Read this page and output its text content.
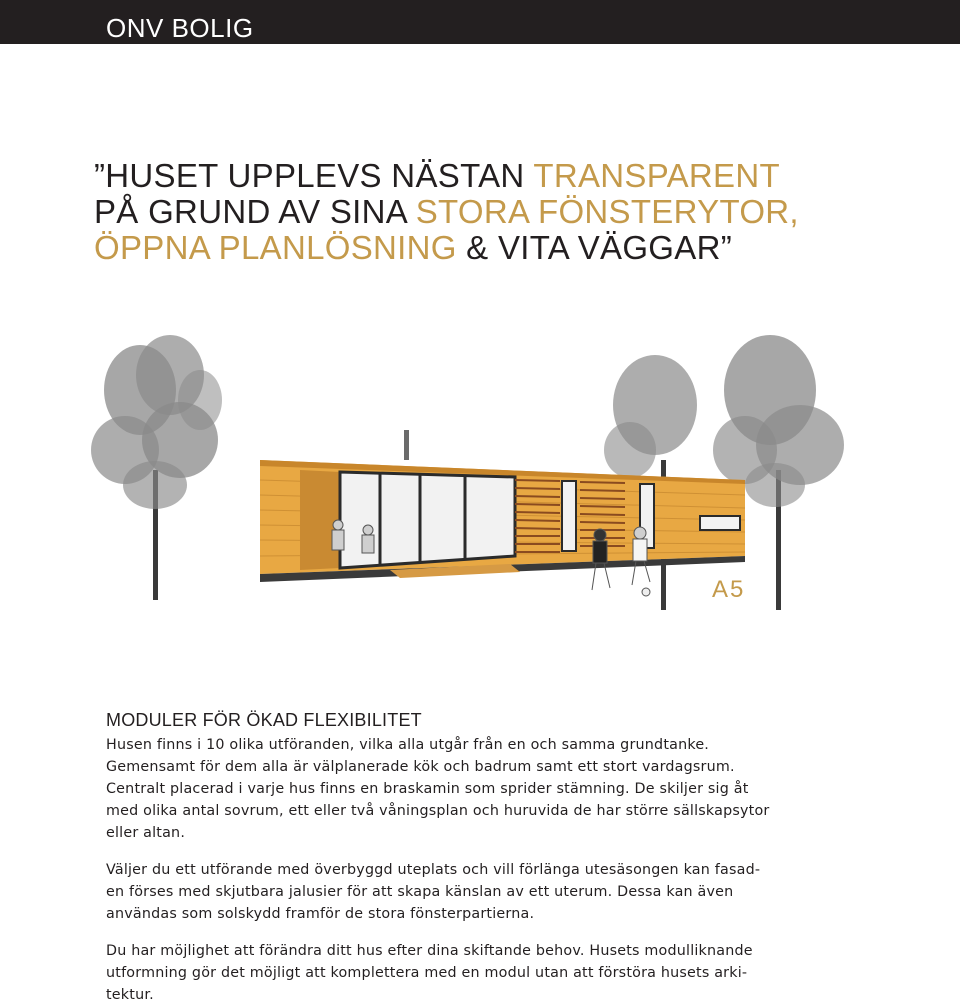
ONV BOLIG
”HUSET UPPLEVS NÄSTAN TRANSPARENT
PÅ GRUND AV SINA STORA FÖNSTERYTOR,
ÖPPNA PLANLÖSNING & VITA VÄGGAR”
A5
MODULER FÖR ÖKAD FLEXIBILITET
Husen finns i 10 olika utföranden, vilka alla utgår från en och samma grundtanke.
Gemensamt för dem alla är välplanerade kök och badrum samt ett stort vardagsrum.
Centralt placerad i varje hus finns en braskamin som sprider stämning. De skiljer sig åt
med olika antal sovrum, ett eller två våningsplan och huruvida de har större sällskapsytor
eller altan.
Väljer du ett utförande med överbyggd uteplats och vill förlänga utesäsongen kan fasad-
en förses med skjutbara jalusier för att skapa känslan av ett uterum. Dessa kan även
användas som solskydd framför de stora fönsterpartierna.
Du har möjlighet att förändra ditt hus efter dina skiftande behov. Husets modulliknande
utformning gör det möjligt att komplettera med en modul utan att förstöra husets arki-
tektur.
